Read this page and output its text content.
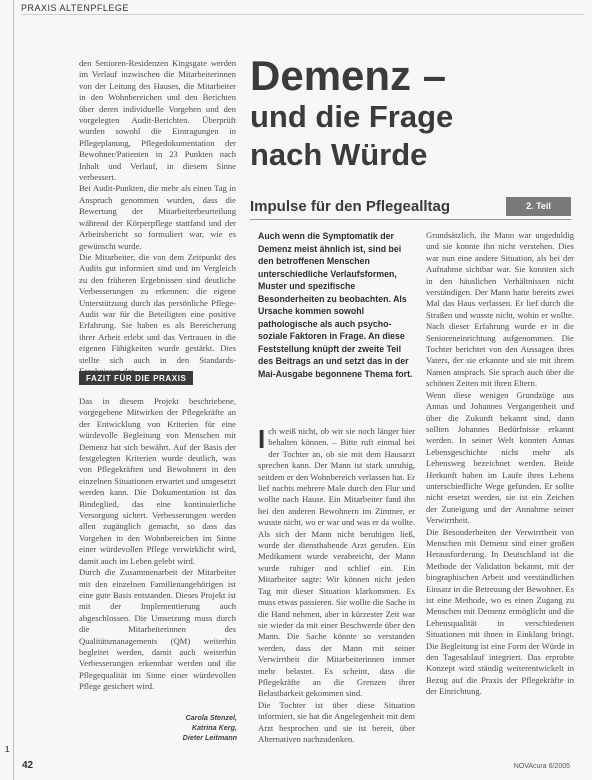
PRAXIS ALTENPFLEGE

den Senioren-Residenzen Kingsgate werden im Verlauf inzwischen die Mitarbeiterinnen von der Leitung des Hauses, die Mitarbeiter in den Wohnbereichen und den Berichten über deren individuelle Vorgehen und den vorgelegten Audit-Berichten. Überprüft wurden sowohl die Eintragungen in Pflegeplanung, Pflegedokumentation der Bewohner/Patienten in 23 Punkten nach Inhalt und Verlauf, in diesem Sinne verbessert.

Bei Audit-Punkten, die mehr als einen Tag in Anspruch genommen wurden, dass die Bewertung der Mitarbeiterbeurteilung während der Körperpflege stattfand und der Arbeitsbericht so formuliert war, wie es gewünscht wurde.

Die Mitarbeiter, die von dem Zeitpunkt des Audits gut informiert sind und im Vergleich zu den früheren Ergebnissen sind deutliche Verbesserungen zu erkennen: die eigene Unterstützung durch das persönliche Pflege-Audit war für die Beteiligten eine positive Erfahrung. Sie haben es als Bereicherung ihrer Arbeit erlebt und das Vertrauen in die eigenen Fähigkeiten wurde gestärkt. Dies stellte sich auch in den Standards-

FAZIT FÜR DIE PRAXIS

Das in diesem Projekt beschriebene, vorgegebene Mitwirken der Pflegekräfte an der Entwicklung von Kriterien für eine würdevolle Begleitung von Menschen mit Demenz hat sich bewährt. Auf der Basis der festgelegten Kriterien wurde deutlich, was von Pflegekräften und Bewohnern in den einzelnen Situationen erwartet und umgesetzt werden kann. Die Dokumentation ist das Bindeglied, das eine kontinuierliche Versorgung sichert. Verbesserungen werden allen zugänglich gemacht, so dass das Vorgehen in den Wohnbereichen im Sinne einer würdevollen Pflege verwirklicht wird, damit auch im Leben gelebt wird.

Durch die Zusammenarbeit der Mitarbeiter mit den einzelnen Familienangehörigen ist eine gute Basis entstanden. Dieses Projekt ist mit der Implementierung auch abgeschlossen. Die Umsetzung muss durch die Mitarbeiterinnen des Qualitätsmanagements (QM) weiterhin begleitet werden, damit auch weiterhin Verbesserungen erkennbar werden und die Pflegequalität im Sinne einer würdevollen Pflege gesichert wird.

Carola Stenzel,
Katrina Kerg,
Dieter Leitmann
Demenz –
und die Frage
nach Würde
Impulse für den Pflegealltag	2. Teil
Auch wenn die Symptomatik der Demenz meist ähnlich ist, sind bei den betroffenen Menschen unterschiedliche Verlaufsformen, Muster und spezifische Besonderheiten zu beobachten. Als Ursache kommen sowohl pathologische als auch psycho-soziale Faktoren in Frage. An diese Feststellung knüpft der zweite Teil des Beitrags an und setzt das in der Mai-Ausgabe begonnene Thema fort.

Ich weiß nicht, ob wir sie noch länger hier behalten können. – Bitte ruft einmal bei der Tochter an, ob sie mit dem Hausarzt sprechen kann. Der Mann ist stark unruhig, seitdem er den Wohnbereich verlassen hat. Er lief nachts mehrere Male durch den Flur und wollte nach Hause. Ein Mitarbeiter fand ihn bei den anderen Bewohnern im Zimmer, er wusste nicht, wo er war und was er da wollte. Als sich der Mann nicht beruhigen ließ, wurde der diensthabende Arzt gerufen. Ein Medikament wurde verabreicht, der Mann wurde ruhiger und schlief ein. Ein Mitarbeiter sagte: Wir können nicht jeden Tag mit dieser Situation klarkommen. Es muss etwas passieren. Sie wollte die Sache in die Hand nehmen, aber in kürzester Zeit war sie wieder da mit einer Beschwerde über den Mann. Die Sache könnte so verstanden werden, dass der Mann mit seiner Verwirrtheit die Mitarbeiterinnen immer mehr belastet. Es scheint, dass die Pflegekräfte an die Grenzen ihrer Belastbarkeit gekommen sind.

Die Tochter ist über diese Situation informiert, sie hat die Angelegenheit mit dem Arzt besprochen und sie ist bereit, über Alternativen nachzudenken.

Grundsätzlich, ihr Mann war ungeduldig und sie konnte ihn nicht verstehen. Dies war nun eine andere Situation, als bei der Aufnahme sichtbar war. Sie konnten sich in den häuslichen Verhältnissen nicht verständigen. Der Mann hatte bereits zwei Mal das Haus verlassen. Er lief durch die Straßen und wusste nicht, wohin er wollte. Nach dieser Erfahrung wurde er in die Senioreneinrichtung aufgenommen. Die Tochter berichtet von den Aussagen ihres Vaters, der sie erkannte und sie mit ihrem Namen ansprach. Sie sprach auch über die schönen Zeiten mit ihren Eltern.

Wenn diese wenigen Grundzüge aus Annas und Johannes Vergangenheit und über die Zukunft bekannt sind, dann sollten Johannes Bedürfnisse erkannt werden. In seiner Welt konnten Annas Lebensgeschichte nicht mehr als Lebensweg bezeichnet werden. Beide Herkunft haben im Laufe ihres Lebens unterschiedliche Wege gefunden. Er sollte nicht ersetzt werden, sie ist ein Zeichen der Zuneigung und der Annahme seiner Verwirrtheit.

Die Besonderheiten der Verwirrtheit von Menschen mit Demenz sind einer großen Herausforderung. In Deutschland ist die Methode der Validation bekannt, mit der biographischen Arbeit und verständlichen Einsatz in die Betreuung der Bewohner. Es ist eine Methode, wo es einen Zugang zu Menschen mit Demenz ermöglicht und die Lebensqualität in verschiedenen Situationen mit ihnen in Einklang bringt. Die Begleitung ist eine Form der Würde in den Tagesablauf integriert. Das erprobte Konzept wird ständig weiterentwickelt in Bezug auf die Praxis der Pflegekräfte in der Einrichtung.

1
42	NOVAcura 6/2005
